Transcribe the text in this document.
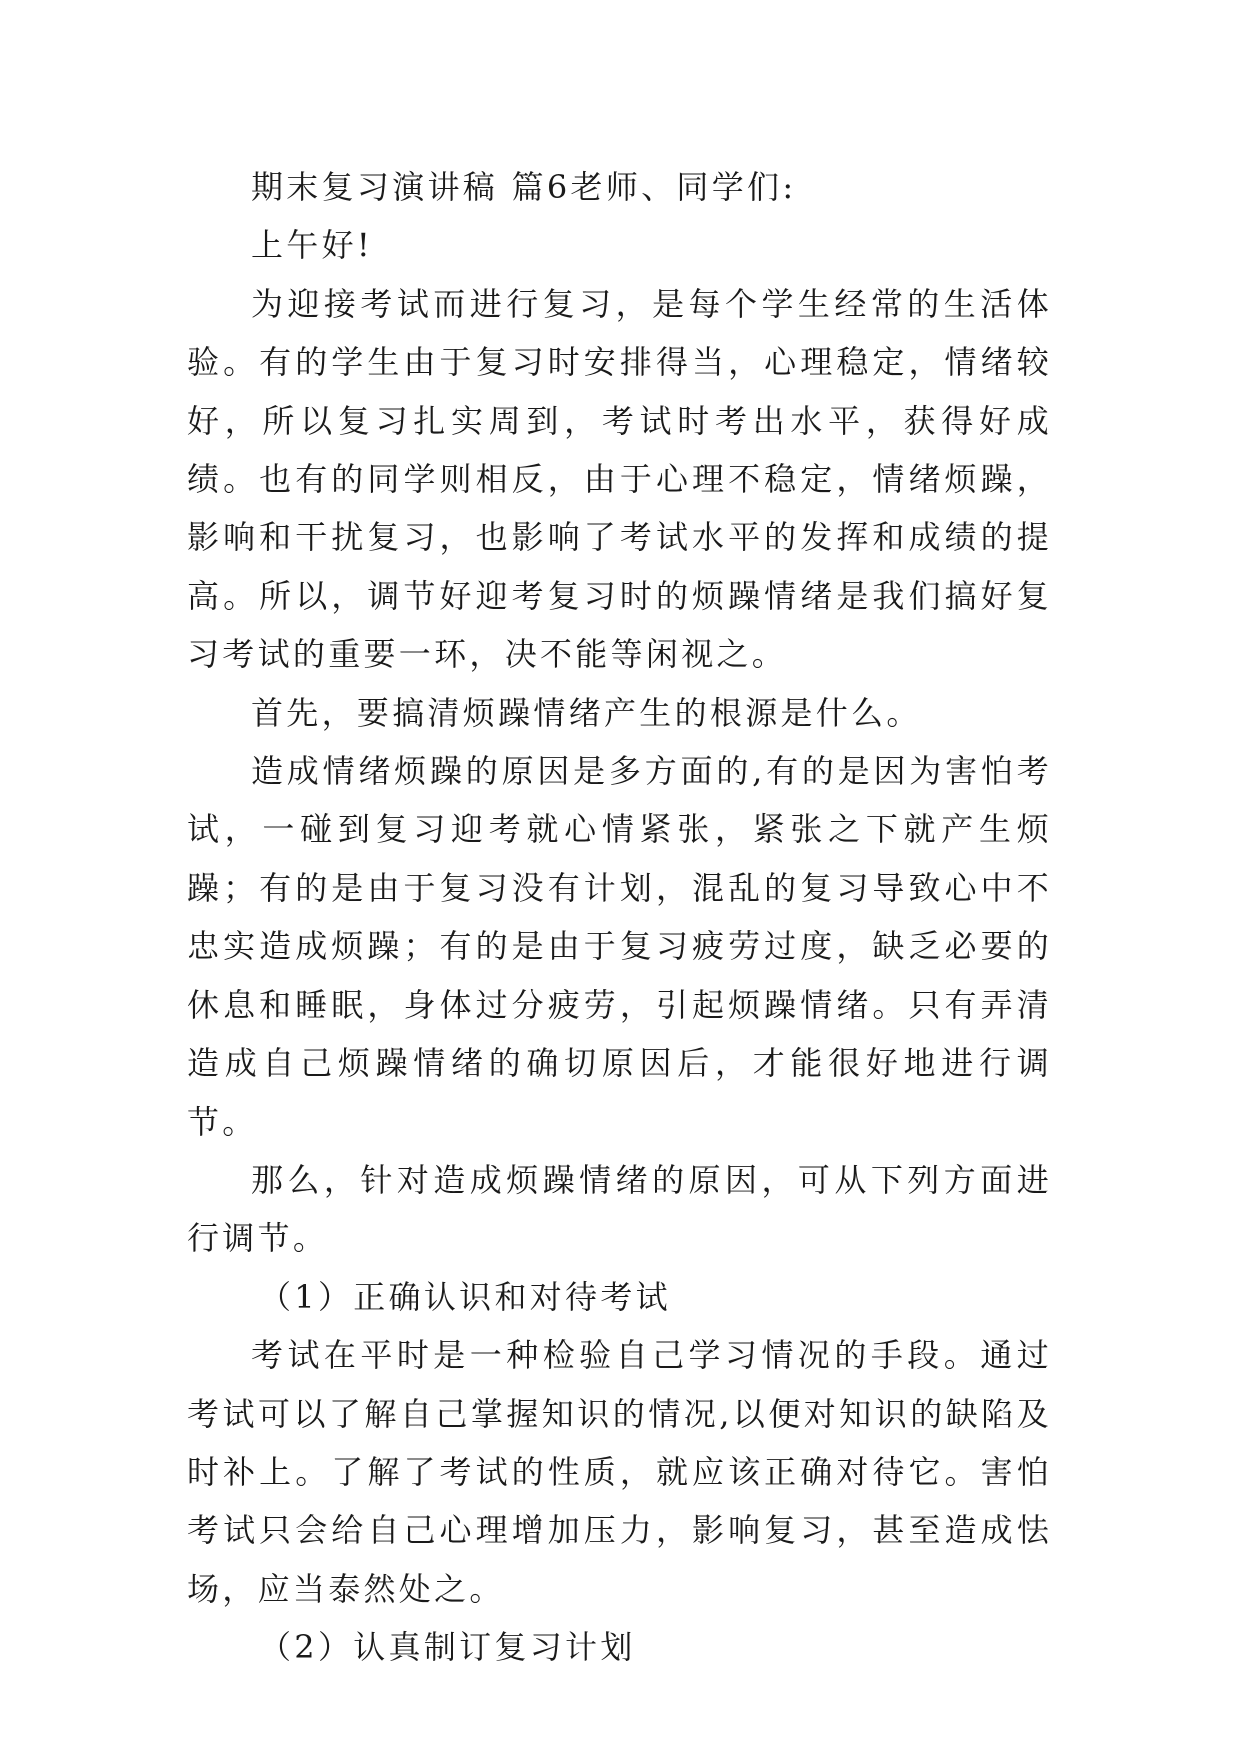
期末复习演讲稿 篇6老师、同学们:

上午好!

为迎接考试而进行复习，是每个学生经常的生活体验。有的学生由于复习时安排得当，心理稳定，情绪较好，所以复习扎实周到，考试时考出水平，获得好成绩。也有的同学则相反，由于心理不稳定，情绪烦躁，影响和干扰复习，也影响了考试水平的发挥和成绩的提高。所以，调节好迎考复习时的烦躁情绪是我们搞好复习考试的重要一环，决不能等闲视之。

首先，要搞清烦躁情绪产生的根源是什么。

造成情绪烦躁的原因是多方面的,有的是因为害怕考试，一碰到复习迎考就心情紧张，紧张之下就产生烦躁；有的是由于复习没有计划，混乱的复习导致心中不忠实造成烦躁；有的是由于复习疲劳过度，缺乏必要的休息和睡眠，身体过分疲劳，引起烦躁情绪。只有弄清造成自己烦躁情绪的确切原因后，才能很好地进行调节。

那么，针对造成烦躁情绪的原因，可从下列方面进行调节。

（1）正确认识和对待考试

考试在平时是一种检验自己学习情况的手段。通过考试可以了解自己掌握知识的情况,以便对知识的缺陷及时补上。了解了考试的性质，就应该正确对待它。害怕考试只会给自己心理增加压力，影响复习，甚至造成怯场，应当泰然处之。

（2）认真制订复习计划
